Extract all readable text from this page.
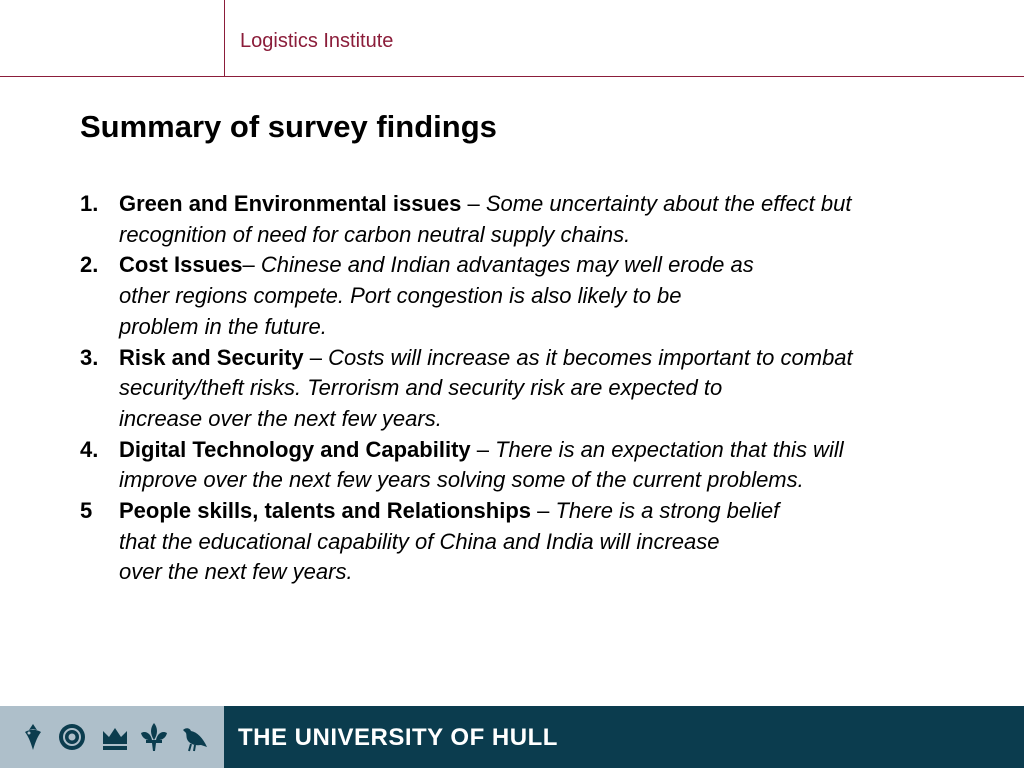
Logistics Institute
Summary of survey findings
1. Green and Environmental issues – Some uncertainty about the effect but
recognition of need for carbon neutral supply chains.
2. Cost Issues– Chinese and Indian advantages may well erode as
other regions compete. Port congestion is also likely to be
problem in the future.
3. Risk and Security – Costs will increase as it becomes important to combat
security/theft risks. Terrorism and security risk are expected to
increase over the next few years.
4. Digital Technology and Capability – There is an expectation that this will
improve over the next few years solving some of the current problems.
5 People skills, talents and Relationships – There is a strong belief
that the educational capability of China and India will increase
over the next few years.
THE UNIVERSITY OF HULL
